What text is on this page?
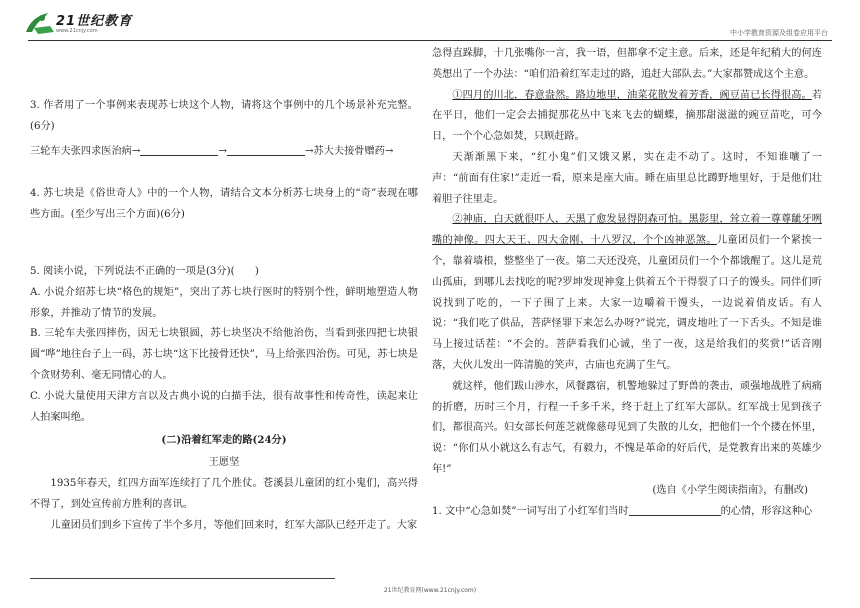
21世纪教育
www.21cnjy.com	中小学教育资源及组卷应用平台

3. 作者用了一个事例来表现苏七块这个人物，请将这个事例中的几个场景补充完整。(6分)

三轮车夫张四求医治病→	→	→苏大夫接骨赠药→

4. 苏七块是《俗世奇人》中的一个人物，请结合文本分析苏七块身上的“奇”表现在哪些方面。(至少写出三个方面)(6分)

5. 阅读小说，下列说法不正确的一项是(3分)(　　)

A. 小说介绍苏七块“格色的规矩”，突出了苏七块行医时的特别个性，鲜明地塑造人物形象，并推动了情节的发展。

B. 三轮车夫张四摔伤，因无七块银圆，苏七块坚决不给他治伤，当看到张四把七块银圆“哗”地往台子上一码，苏七块“这下比接骨还快”，马上给张四治伤。可见，苏七块是个贪财势利、毫无同情心的人。

C. 小说大量使用天津方言以及古典小说的白描手法，很有故事性和传奇性，读起来让人拍案叫绝。

(二)沿着红军走的路(24分)

王愿坚

1935年春天，红四方面军连续打了几个胜仗。苍溪县儿童团的红小鬼们，高兴得不得了，到处宣传前方胜利的喜讯。

儿童团员们到乡下宣传了半个多月，等他们回来时，红军大部队已经开走了。大家

急得直跺脚，十几张嘴你一言，我一语，但都拿不定主意。后来，还是年纪稍大的何连英想出了一个办法：“咱们沿着红军走过的路，追赶大部队去。”大家都赞成这个主意。

①四月的川北，春意盎然。路边地里，油菜花散发着芳香，豌豆苗已长得很高。若在平日，他们一定会去捕捉那花丛中飞来飞去的蝴蝶，摘那甜滋滋的豌豆苗吃，可今日，一个个心急如焚，只顾赶路。

天渐渐黑下来，“红小鬼”们又饿又累，实在走不动了。这时，不知谁嚷了一声：“前面有住家!”走近一看，原来是座大庙。睡在庙里总比蹲野地里好，于是他们壮着胆子往里走。

②神庙，白天就很吓人，天黑了愈发显得阴森可怕。黑影里，耸立着一尊尊龇牙咧嘴的神像。四大天王、四大金刚、十八罗汉，个个凶神恶煞。儿童团员们一个紧挨一个，靠着墙根，整整坐了一夜。第二天还没亮，儿童团员们一个个都饿醒了。这儿是荒山孤庙，到哪儿去找吃的呢?罗坤发现神龛上供着五个干得裂了口子的馒头。同伴们听说找到了吃的，一下子围了上来。大家一边嚼着干馒头，一边说着俏皮话。有人说：“我们吃了供品，菩萨怪罪下来怎么办呀?”说完，调皮地吐了一下舌头。不知是谁马上接过话茬：“不会的。菩萨看我们心诚，坐了一夜，这是给我们的奖赏!”话音刚落，大伙儿发出一阵清脆的笑声，古庙也充满了生气。

就这样，他们跋山涉水，风餐露宿，机警地躲过了野兽的袭击，顽强地战胜了病痛的折磨，历时三个月，行程一千多千米，终于赶上了红军大部队。红军战士见到孩子们，都很高兴。妇女部长何莲芝就像慈母见到了失散的儿女，把他们一个个搂在怀里，说：“你们从小就这么有志气，有毅力，不愧是革命的好后代，是党教育出来的英雄少年!”

(选自《小学生阅读指南》，有删改)

1. 文中“心急如焚”一词写出了小红军们当时	的心情，形容这种心

21世纪教育网(www.21cnjy.com)
